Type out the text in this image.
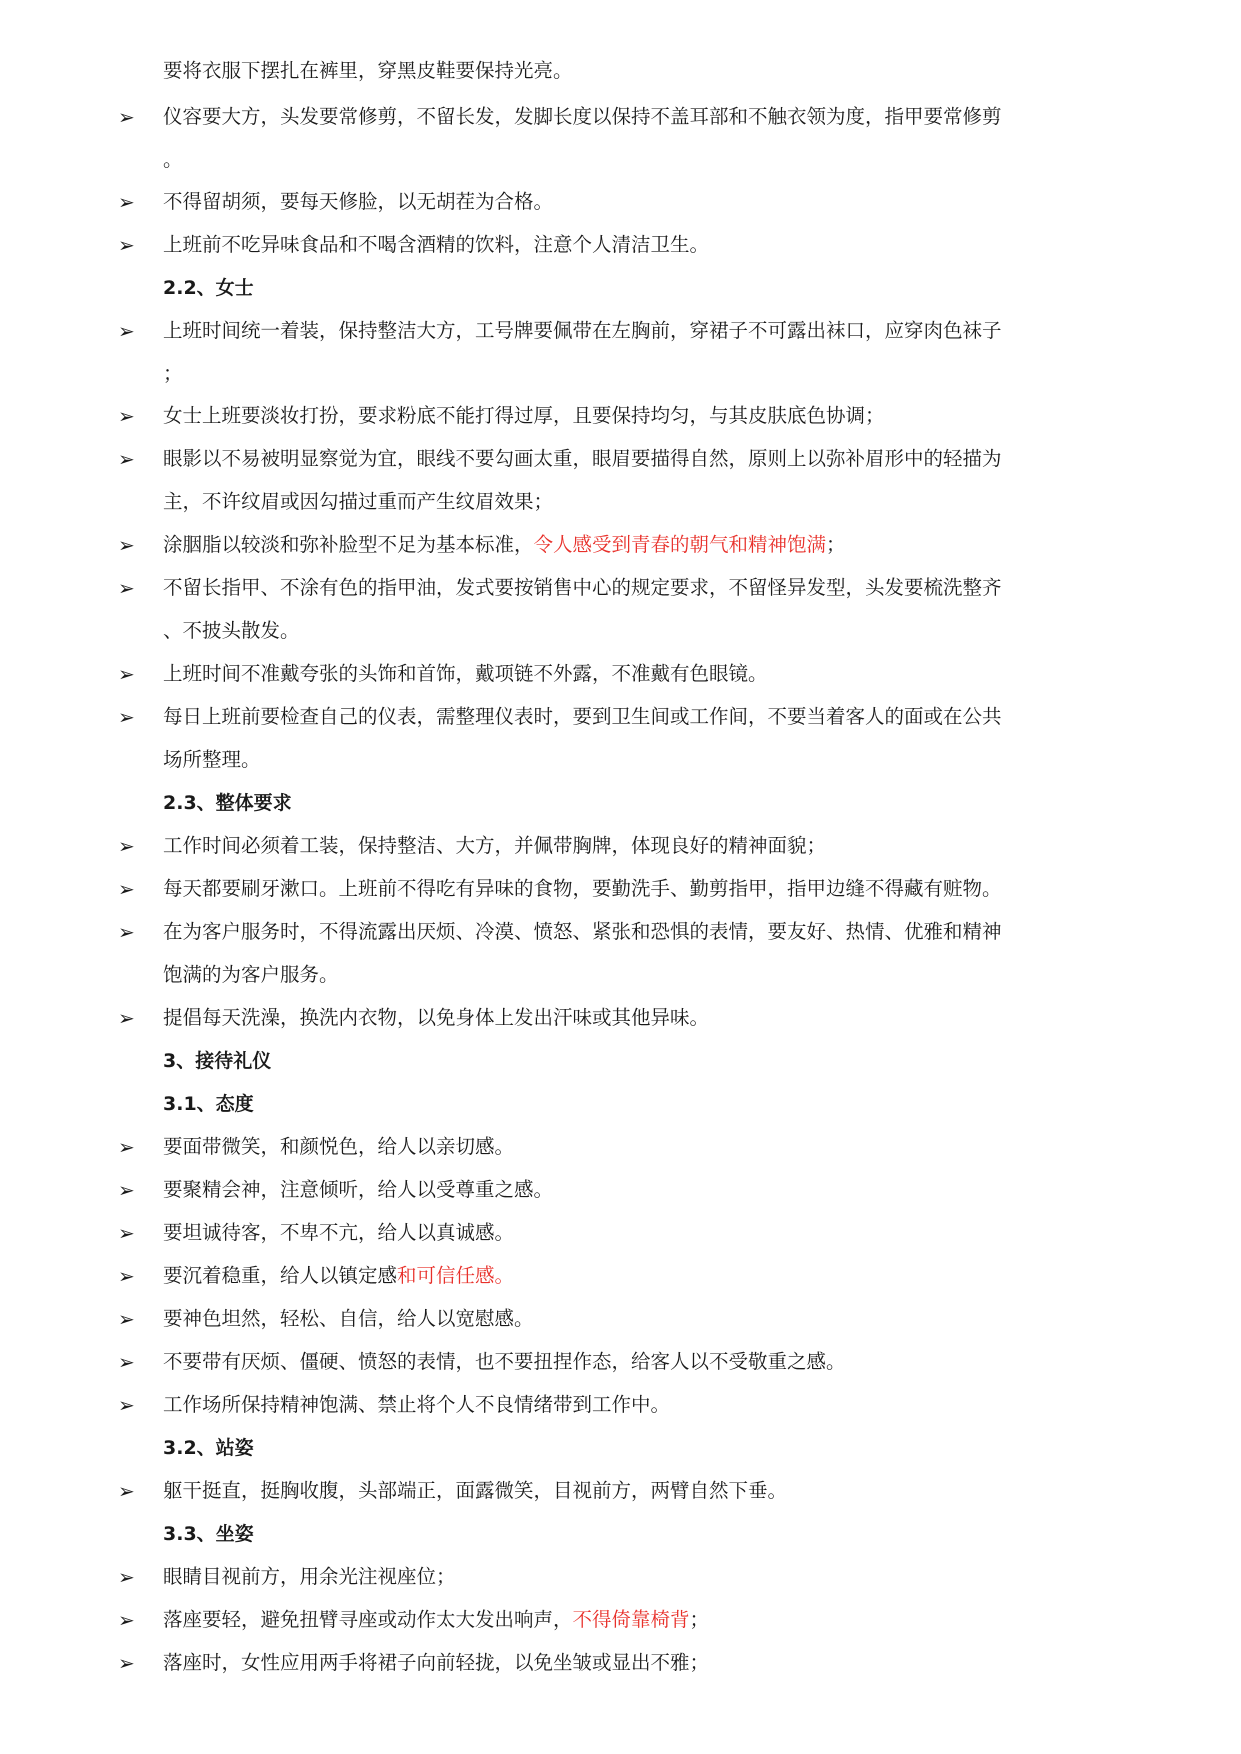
要将衣服下摆扎在裤里，穿黑皮鞋要保持光亮。
➢ 仪容要大方，头发要常修剪，不留长发，发脚长度以保持不盖耳部和不触衣领为度，指甲要常修剪
。
➢ 不得留胡须，要每天修脸，以无胡茬为合格。
➢ 上班前不吃异味食品和不喝含酒精的饮料，注意个人清洁卫生。
2.2、女士
➢ 上班时间统一着装，保持整洁大方，工号牌要佩带在左胸前，穿裙子不可露出袜口，应穿肉色袜子
；
➢ 女士上班要淡妆打扮，要求粉底不能打得过厚，且要保持均匀，与其皮肤底色协调；
➢ 眼影以不易被明显察觉为宜，眼线不要勾画太重，眼眉要描得自然，原则上以弥补眉形中的轻描为
主，不许纹眉或因勾描过重而产生纹眉效果；
➢ 涂胭脂以较淡和弥补脸型不足为基本标准，令人感受到青春的朝气和精神饱满；
➢ 不留长指甲、不涂有色的指甲油，发式要按销售中心的规定要求，不留怪异发型，头发要梳洗整齐
、不披头散发。
➢ 上班时间不准戴夸张的头饰和首饰，戴项链不外露，不准戴有色眼镜。
➢ 每日上班前要检查自己的仪表，需整理仪表时，要到卫生间或工作间，不要当着客人的面或在公共
场所整理。
2.3、整体要求
➢ 工作时间必须着工装，保持整洁、大方，并佩带胸牌，体现良好的精神面貌；
➢ 每天都要刷牙漱口。上班前不得吃有异味的食物，要勤洗手、勤剪指甲，指甲边缝不得藏有赃物。
➢ 在为客户服务时，不得流露出厌烦、冷漠、愤怒、紧张和恐惧的表情，要友好、热情、优雅和精神
饱满的为客户服务。
➢ 提倡每天洗澡，换洗内衣物，以免身体上发出汗味或其他异味。
3、接待礼仪
3.1、态度
➢ 要面带微笑，和颜悦色，给人以亲切感。
➢ 要聚精会神，注意倾听，给人以受尊重之感。
➢ 要坦诚待客，不卑不亢，给人以真诚感。
➢ 要沉着稳重，给人以镇定感和可信任感。
➢ 要神色坦然，轻松、自信，给人以宽慰感。
➢ 不要带有厌烦、僵硬、愤怒的表情，也不要扭捏作态，给客人以不受敬重之感。
➢ 工作场所保持精神饱满、禁止将个人不良情绪带到工作中。
3.2、站姿
➢ 躯干挺直，挺胸收腹，头部端正，面露微笑，目视前方，两臂自然下垂。
3.3、坐姿
➢ 眼睛目视前方，用余光注视座位；
➢ 落座要轻，避免扭臂寻座或动作太大发出响声，不得倚靠椅背；
➢ 落座时，女性应用两手将裙子向前轻拢，以免坐皱或显出不雅；
